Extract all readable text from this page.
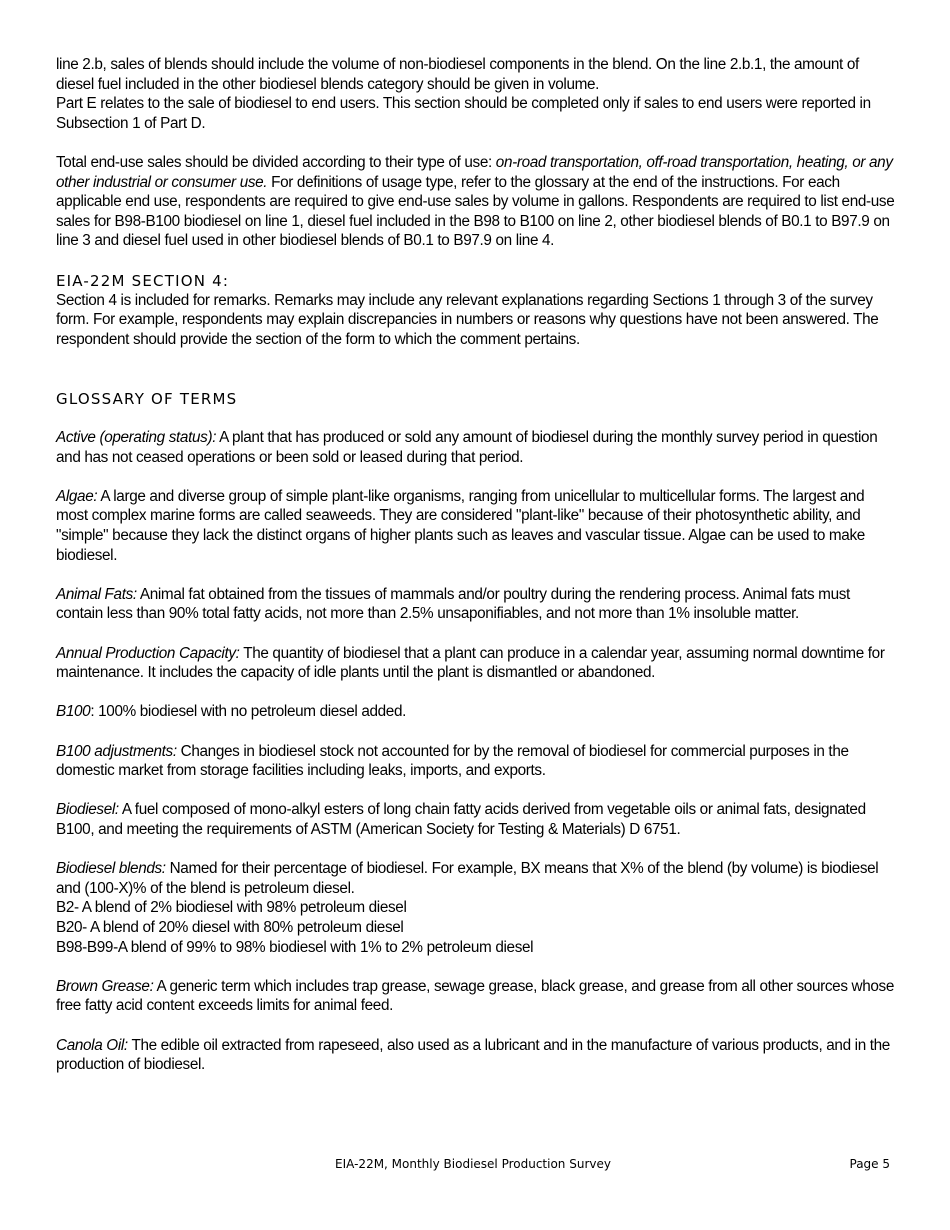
line 2.b, sales of blends should include the volume of non-biodiesel components in the blend. On the line 2.b.1, the amount of diesel fuel included in the other biodiesel blends category should be given in volume.

Part E relates to the sale of biodiesel to end users. This section should be completed only if sales to end users were reported in Subsection 1 of Part D.

Total end-use sales should be divided according to their type of use: on-road transportation, off-road transportation, heating, or any other industrial or consumer use. For definitions of usage type, refer to the glossary at the end of the instructions. For each applicable end use, respondents are required to give end-use sales by volume in gallons. Respondents are required to list end-use sales for B98-B100 biodiesel on line 1, diesel fuel included in the B98 to B100 on line 2, other biodiesel blends of B0.1 to B97.9 on line 3 and diesel fuel used in other biodiesel blends of B0.1 to B97.9 on line 4.

EIA-22M SECTION 4:

Section 4 is included for remarks. Remarks may include any relevant explanations regarding Sections 1 through 3 of the survey form. For example, respondents may explain discrepancies in numbers or reasons why questions have not been answered. The respondent should provide the section of the form to which the comment pertains.

GLOSSARY OF TERMS

Active (operating status): A plant that has produced or sold any amount of biodiesel during the monthly survey period in question and has not ceased operations or been sold or leased during that period.

Algae: A large and diverse group of simple plant-like organisms, ranging from unicellular to multicellular forms. The largest and most complex marine forms are called seaweeds. They are considered "plant-like" because of their photosynthetic ability, and "simple" because they lack the distinct organs of higher plants such as leaves and vascular tissue. Algae can be used to make biodiesel.

Animal Fats: Animal fat obtained from the tissues of mammals and/or poultry during the rendering process. Animal fats must contain less than 90% total fatty acids, not more than 2.5% unsaponifiables, and not more than 1% insoluble matter.

Annual Production Capacity: The quantity of biodiesel that a plant can produce in a calendar year, assuming normal downtime for maintenance. It includes the capacity of idle plants until the plant is dismantled or abandoned.

B100: 100% biodiesel with no petroleum diesel added.

B100 adjustments: Changes in biodiesel stock not accounted for by the removal of biodiesel for commercial purposes in the domestic market from storage facilities including leaks, imports, and exports.

Biodiesel: A fuel composed of mono-alkyl esters of long chain fatty acids derived from vegetable oils or animal fats, designated B100, and meeting the requirements of ASTM (American Society for Testing & Materials) D 6751.

Biodiesel blends: Named for their percentage of biodiesel. For example, BX means that X% of the blend (by volume) is biodiesel and (100-X)% of the blend is petroleum diesel.

B2- A blend of 2% biodiesel with 98% petroleum diesel

B20- A blend of 20% diesel with 80% petroleum diesel

B98-B99-A blend of 99% to 98% biodiesel with 1% to 2% petroleum diesel

Brown Grease: A generic term which includes trap grease, sewage grease, black grease, and grease from all other sources whose free fatty acid content exceeds limits for animal feed.

Canola Oil: The edible oil extracted from rapeseed, also used as a lubricant and in the manufacture of various products, and in the production of biodiesel.

EIA-22M, Monthly Biodiesel Production Survey	Page 5
